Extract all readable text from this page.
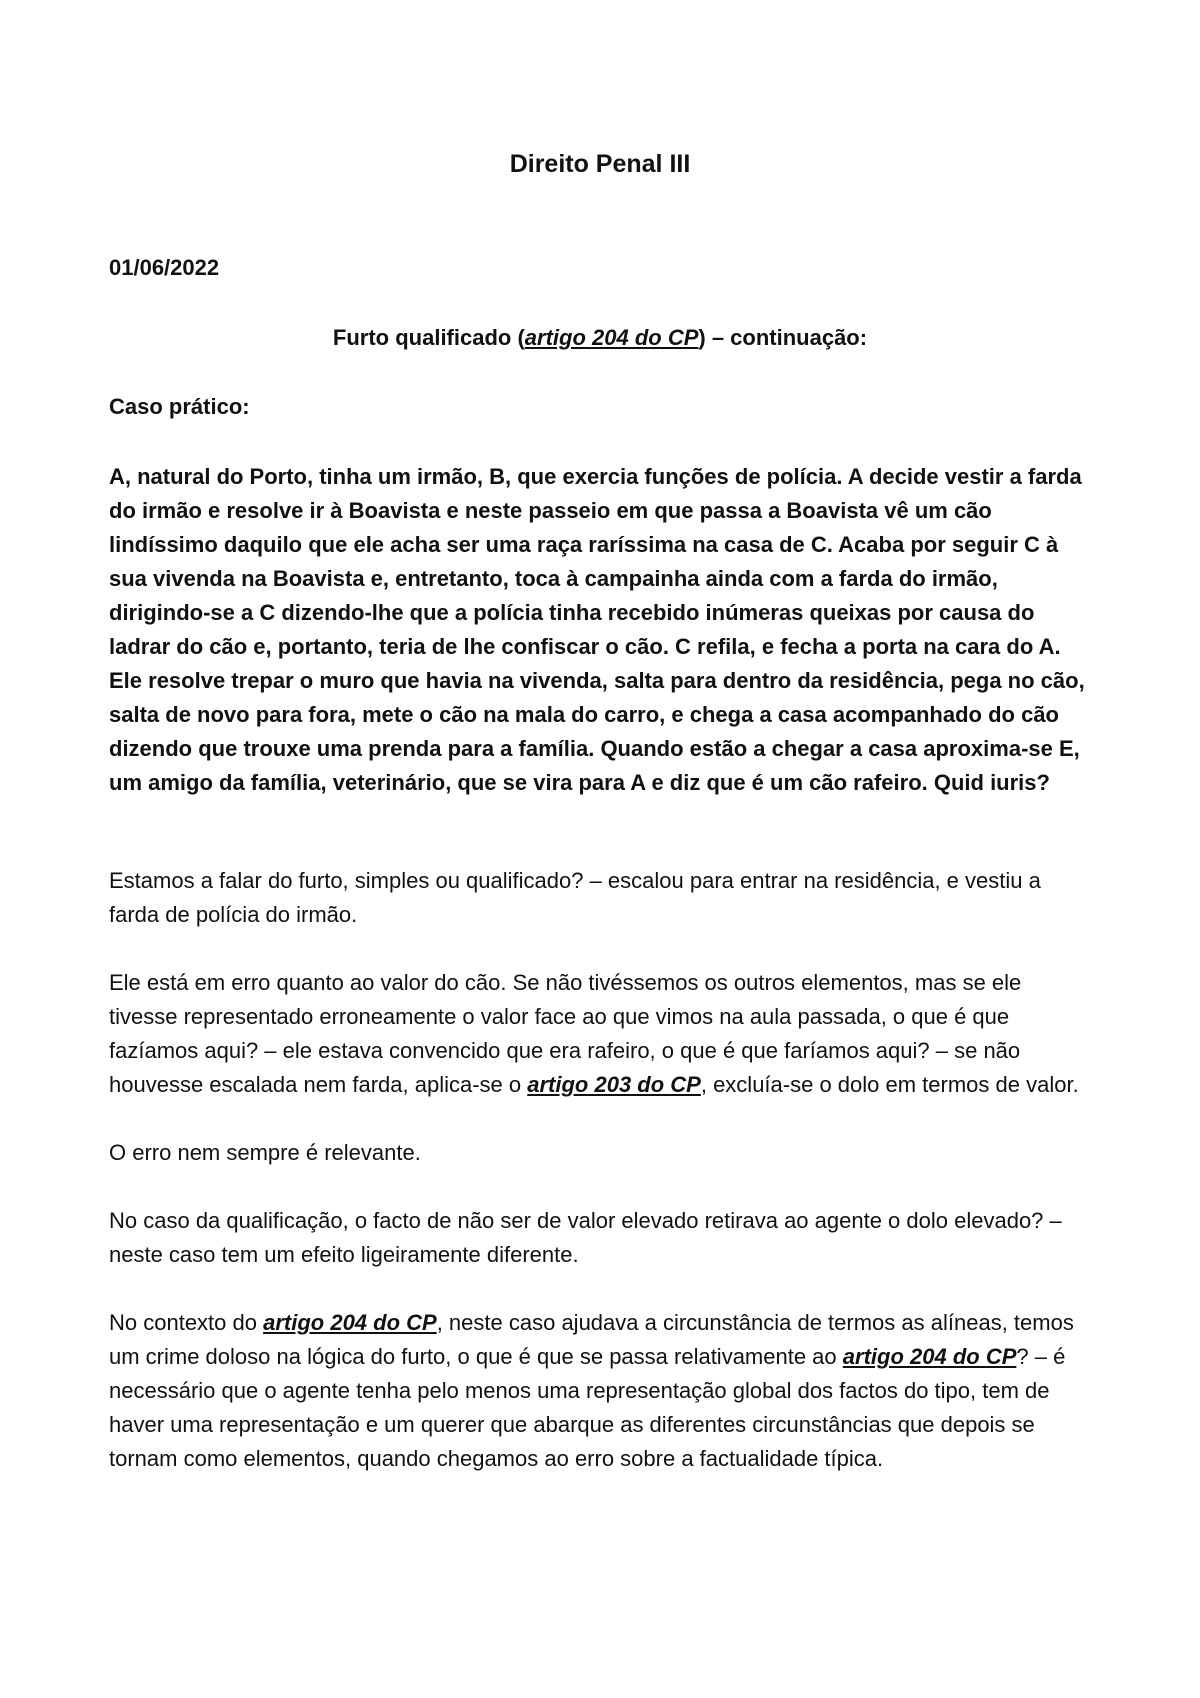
Direito Penal III

01/06/2022

Furto qualificado (artigo 204 do CP) – continuação:

Caso prático:

A, natural do Porto, tinha um irmão, B, que exercia funções de polícia. A decide vestir a farda do irmão e resolve ir à Boavista e neste passeio em que passa a Boavista vê um cão lindíssimo daquilo que ele acha ser uma raça raríssima na casa de C. Acaba por seguir C à sua vivenda na Boavista e, entretanto, toca à campainha ainda com a farda do irmão, dirigindo-se a C dizendo-lhe que a polícia tinha recebido inúmeras queixas por causa do ladrar do cão e, portanto, teria de lhe confiscar o cão. C refila, e fecha a porta na cara do A. Ele resolve trepar o muro que havia na vivenda, salta para dentro da residência, pega no cão, salta de novo para fora, mete o cão na mala do carro, e chega a casa acompanhado do cão dizendo que trouxe uma prenda para a família. Quando estão a chegar a casa aproxima-se E, um amigo da família, veterinário, que se vira para A e diz que é um cão rafeiro. Quid iuris?

Estamos a falar do furto, simples ou qualificado? – escalou para entrar na residência, e vestiu a farda de polícia do irmão.

Ele está em erro quanto ao valor do cão. Se não tivéssemos os outros elementos, mas se ele tivesse representado erroneamente o valor face ao que vimos na aula passada, o que é que fazíamos aqui? – ele estava convencido que era rafeiro, o que é que faríamos aqui? – se não houvesse escalada nem farda, aplica-se o artigo 203 do CP, excluía-se o dolo em termos de valor.

O erro nem sempre é relevante.

No caso da qualificação, o facto de não ser de valor elevado retirava ao agente o dolo elevado? – neste caso tem um efeito ligeiramente diferente.

No contexto do artigo 204 do CP, neste caso ajudava a circunstância de termos as alíneas, temos um crime doloso na lógica do furto, o que é que se passa relativamente ao artigo 204 do CP? – é necessário que o agente tenha pelo menos uma representação global dos factos do tipo, tem de haver uma representação e um querer que abarque as diferentes circunstâncias que depois se tornam como elementos, quando chegamos ao erro sobre a factualidade típica.
